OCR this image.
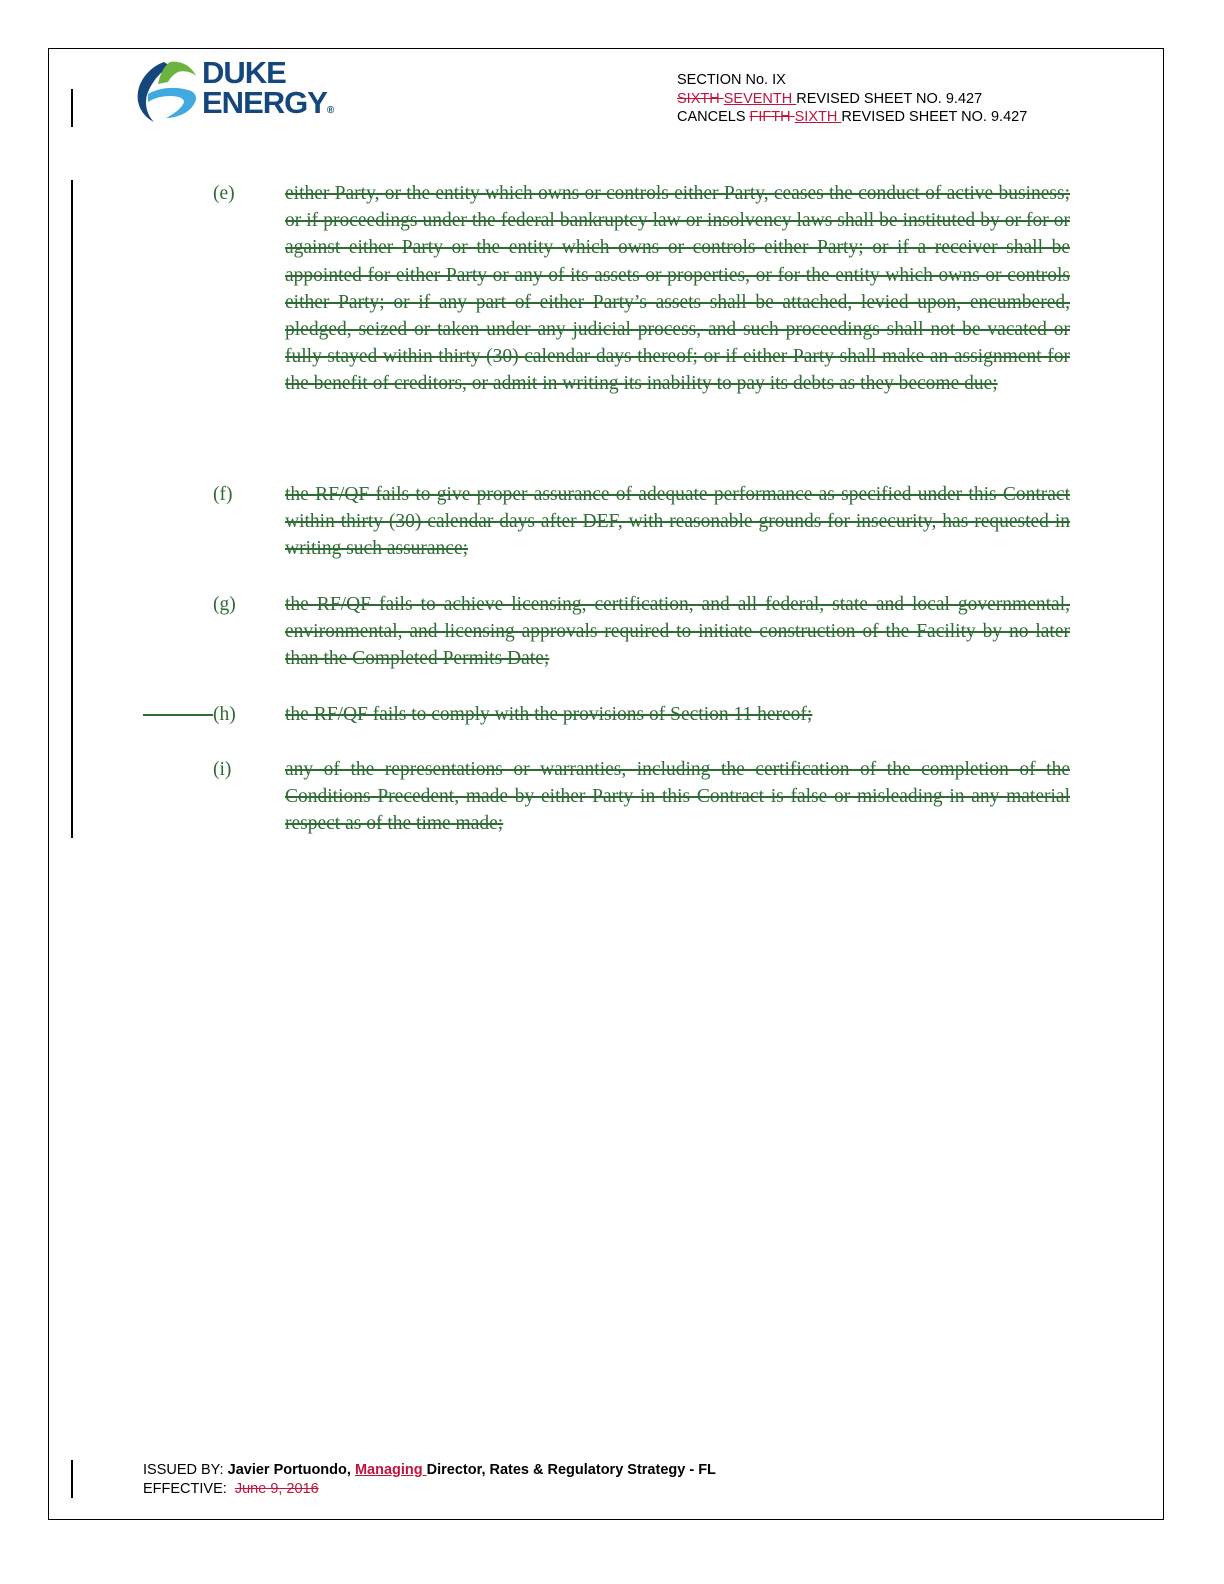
DUKE
ENERGY®
SECTION No. IX
SIXTH SEVENTH REVISED SHEET NO. 9.427
CANCELS FIFTH SIXTH REVISED SHEET NO. 9.427
(e)	either Party, or the entity which owns or controls either Party, ceases the conduct of active business; or if proceedings under the federal bankruptcy law or insolvency laws shall be instituted by or for or against either Party or the entity which owns or controls either Party; or if a receiver shall be appointed for either Party or any of its assets or properties, or for the entity which owns or controls either Party; or if any part of either Party’s assets shall be attached, levied upon, encumbered, pledged, seized or taken under any judicial process, and such proceedings shall not be vacated or fully stayed within thirty (30) calendar days thereof; or if either Party shall make an assignment for the benefit of creditors, or admit in writing its inability to pay its debts as they become due;
(f)	the RF/QF fails to give proper assurance of adequate performance as specified under this Contract within thirty (30) calendar days after DEF, with reasonable grounds for insecurity, has requested in writing such assurance;
(g)	the RF/QF fails to achieve licensing, certification, and all federal, state and local governmental, environmental, and licensing approvals required to initiate construction of the Facility by no later than the Completed Permits Date;
(h)	the RF/QF fails to comply with the provisions of Section 11 hereof;
(i)	any of the representations or warranties, including the certification of the completion of the Conditions Precedent, made by either Party in this Contract is false or misleading in any material respect as of the time made;
ISSUED BY: Javier Portuondo, Managing Director, Rates & Regulatory Strategy - FL
EFFECTIVE:  June 9, 2016
